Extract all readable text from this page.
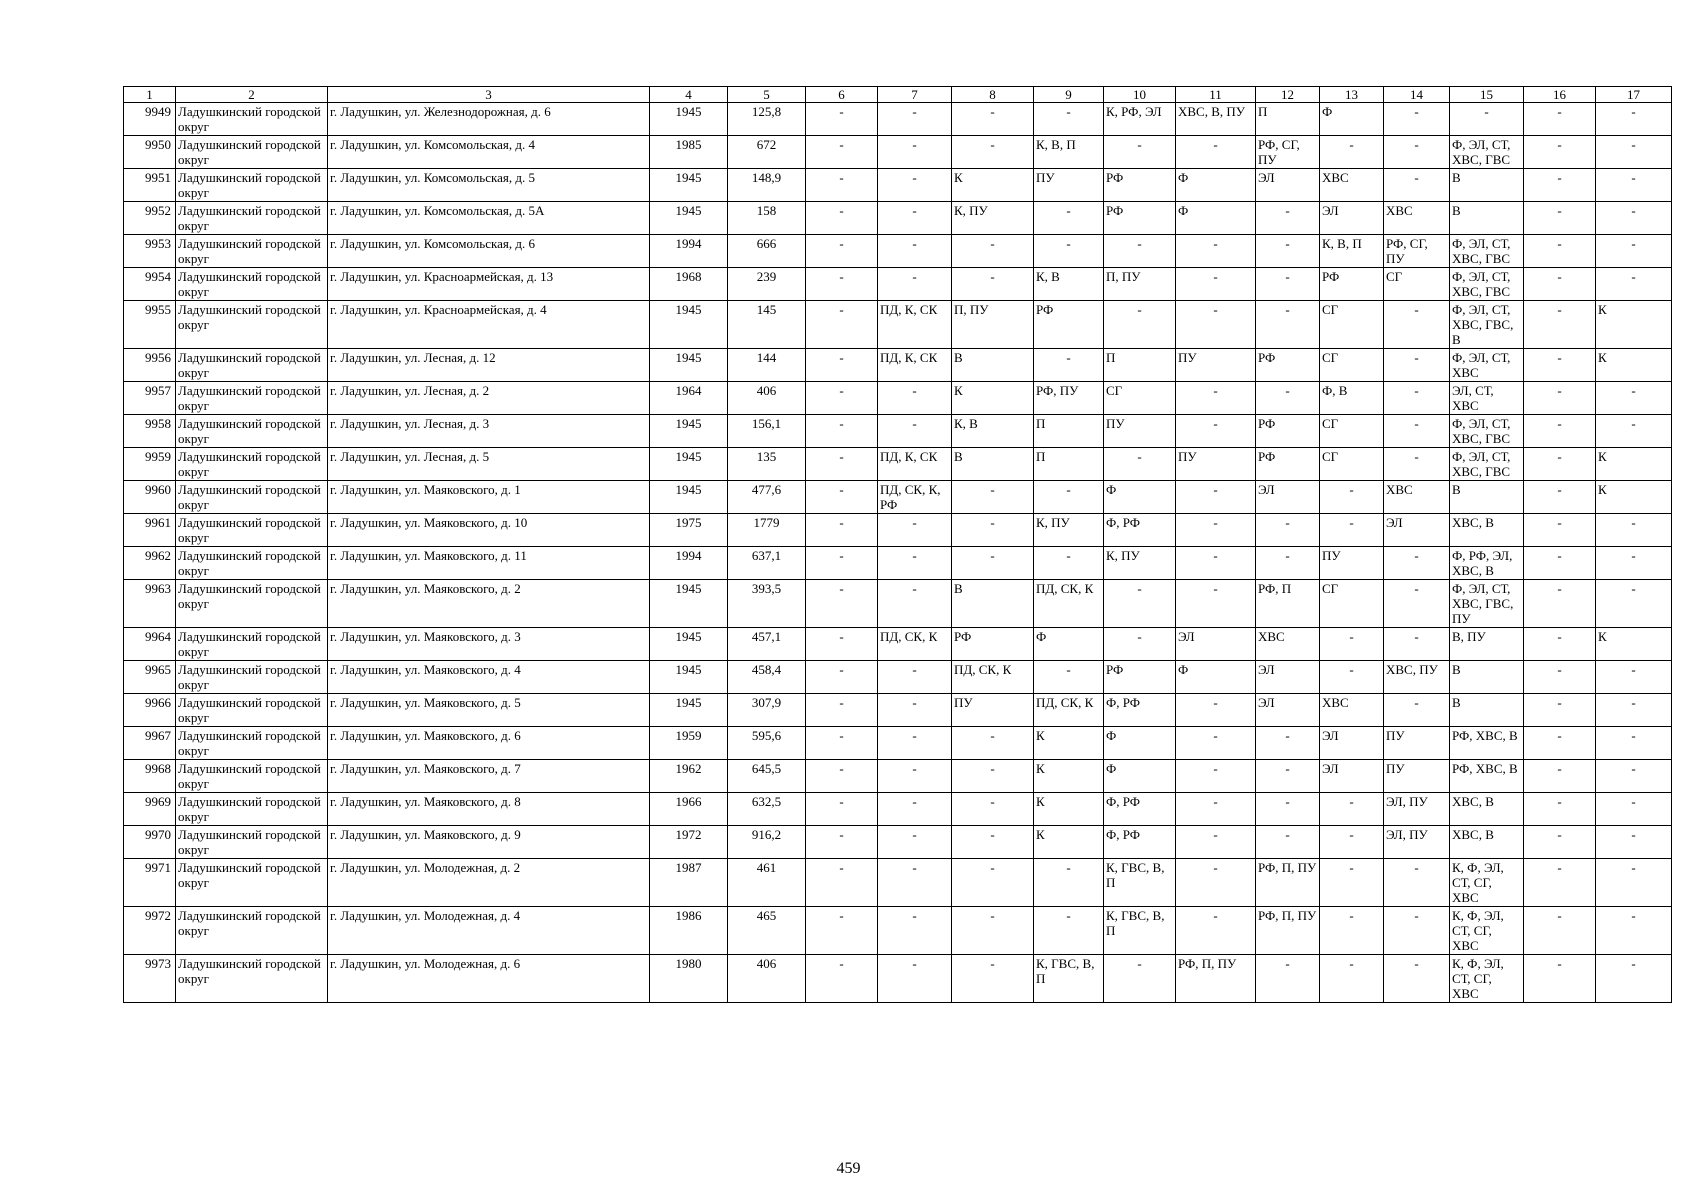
1	2	3	4	5	6	7	8	9	10	11	12	13	14	15	16	17
9949	Ладушкинский городской округ	г. Ладушкин, ул. Железнодорожная, д. 6	1945	125,8	-	-	-	-	К, РФ, ЭЛ	ХВС, В, ПУ	П	Ф	-	-	-	-
9950	Ладушкинский городской округ	г. Ладушкин, ул. Комсомольская, д. 4	1985	672	-	-	-	К, В, П	-	-	РФ, СГ, ПУ	-	-	Ф, ЭЛ, СТ, ХВС, ГВС	-	-
9951	Ладушкинский городской округ	г. Ладушкин, ул. Комсомольская, д. 5	1945	148,9	-	-	К	ПУ	РФ	Ф	ЭЛ	ХВС	-	В	-	-
9952	Ладушкинский городской округ	г. Ладушкин, ул. Комсомольская, д. 5А	1945	158	-	-	К, ПУ	-	РФ	Ф	-	ЭЛ	ХВС	В	-	-
9953	Ладушкинский городской округ	г. Ладушкин, ул. Комсомольская, д. 6	1994	666	-	-	-	-	-	-	-	К, В, П	РФ, СГ, ПУ	Ф, ЭЛ, СТ, ХВС, ГВС	-	-
9954	Ладушкинский городской округ	г. Ладушкин, ул. Красноармейская, д. 13	1968	239	-	-	-	К, В	П, ПУ	-	-	РФ	СГ	Ф, ЭЛ, СТ, ХВС, ГВС	-	-
9955	Ладушкинский городской округ	г. Ладушкин, ул. Красноармейская, д. 4	1945	145	-	ПД, К, СК	П, ПУ	РФ	-	-	-	СГ	-	Ф, ЭЛ, СТ, ХВС, ГВС, В	-	К
9956	Ладушкинский городской округ	г. Ладушкин, ул. Лесная, д. 12	1945	144	-	ПД, К, СК	В	-	П	ПУ	РФ	СГ	-	Ф, ЭЛ, СТ, ХВС	-	К
9957	Ладушкинский городской округ	г. Ладушкин, ул. Лесная, д. 2	1964	406	-	-	К	РФ, ПУ	СГ	-	-	Ф, В	-	ЭЛ, СТ, ХВС	-	-
9958	Ладушкинский городской округ	г. Ладушкин, ул. Лесная, д. 3	1945	156,1	-	-	К, В	П	ПУ	-	РФ	СГ	-	Ф, ЭЛ, СТ, ХВС, ГВС	-	-
9959	Ладушкинский городской округ	г. Ладушкин, ул. Лесная, д. 5	1945	135	-	ПД, К, СК	В	П	-	ПУ	РФ	СГ	-	Ф, ЭЛ, СТ, ХВС, ГВС	-	К
9960	Ладушкинский городской округ	г. Ладушкин, ул. Маяковского, д. 1	1945	477,6	-	ПД, СК, К, РФ	-	-	Ф	-	ЭЛ	-	ХВС	В	-	К
9961	Ладушкинский городской округ	г. Ладушкин, ул. Маяковского, д. 10	1975	1779	-	-	-	К, ПУ	Ф, РФ	-	-	-	ЭЛ	ХВС, В	-	-
9962	Ладушкинский городской округ	г. Ладушкин, ул. Маяковского, д. 11	1994	637,1	-	-	-	-	К, ПУ	-	-	ПУ	-	Ф, РФ, ЭЛ, ХВС, В	-	-
9963	Ладушкинский городской округ	г. Ладушкин, ул. Маяковского, д. 2	1945	393,5	-	-	В	ПД, СК, К	-	-	РФ, П	СГ	-	Ф, ЭЛ, СТ, ХВС, ГВС, ПУ	-	-
9964	Ладушкинский городской округ	г. Ладушкин, ул. Маяковского, д. 3	1945	457,1	-	ПД, СК, К	РФ	Ф	-	ЭЛ	ХВС	-	-	В, ПУ	-	К
9965	Ладушкинский городской округ	г. Ладушкин, ул. Маяковского, д. 4	1945	458,4	-	-	ПД, СК, К	-	РФ	Ф	ЭЛ	-	ХВС, ПУ	В	-	-
9966	Ладушкинский городской округ	г. Ладушкин, ул. Маяковского, д. 5	1945	307,9	-	-	ПУ	ПД, СК, К	Ф, РФ	-	ЭЛ	ХВС	-	В	-	-
9967	Ладушкинский городской округ	г. Ладушкин, ул. Маяковского, д. 6	1959	595,6	-	-	-	К	Ф	-	-	ЭЛ	ПУ	РФ, ХВС, В	-	-
9968	Ладушкинский городской округ	г. Ладушкин, ул. Маяковского, д. 7	1962	645,5	-	-	-	К	Ф	-	-	ЭЛ	ПУ	РФ, ХВС, В	-	-
9969	Ладушкинский городской округ	г. Ладушкин, ул. Маяковского, д. 8	1966	632,5	-	-	-	К	Ф, РФ	-	-	-	ЭЛ, ПУ	ХВС, В	-	-
9970	Ладушкинский городской округ	г. Ладушкин, ул. Маяковского, д. 9	1972	916,2	-	-	-	К	Ф, РФ	-	-	-	ЭЛ, ПУ	ХВС, В	-	-
9971	Ладушкинский городской округ	г. Ладушкин, ул. Молодежная, д. 2	1987	461	-	-	-	-	К, ГВС, В, П	-	РФ, П, ПУ	-	-	К, Ф, ЭЛ, СТ, СГ, ХВС	-	-
9972	Ладушкинский городской округ	г. Ладушкин, ул. Молодежная, д. 4	1986	465	-	-	-	-	К, ГВС, В, П	-	РФ, П, ПУ	-	-	К, Ф, ЭЛ, СТ, СГ, ХВС	-	-
9973	Ладушкинский городской округ	г. Ладушкин, ул. Молодежная, д. 6	1980	406	-	-	-	К, ГВС, В, П	-	РФ, П, ПУ	-	-	-	К, Ф, ЭЛ, СТ, СГ, ХВС	-	-
459
